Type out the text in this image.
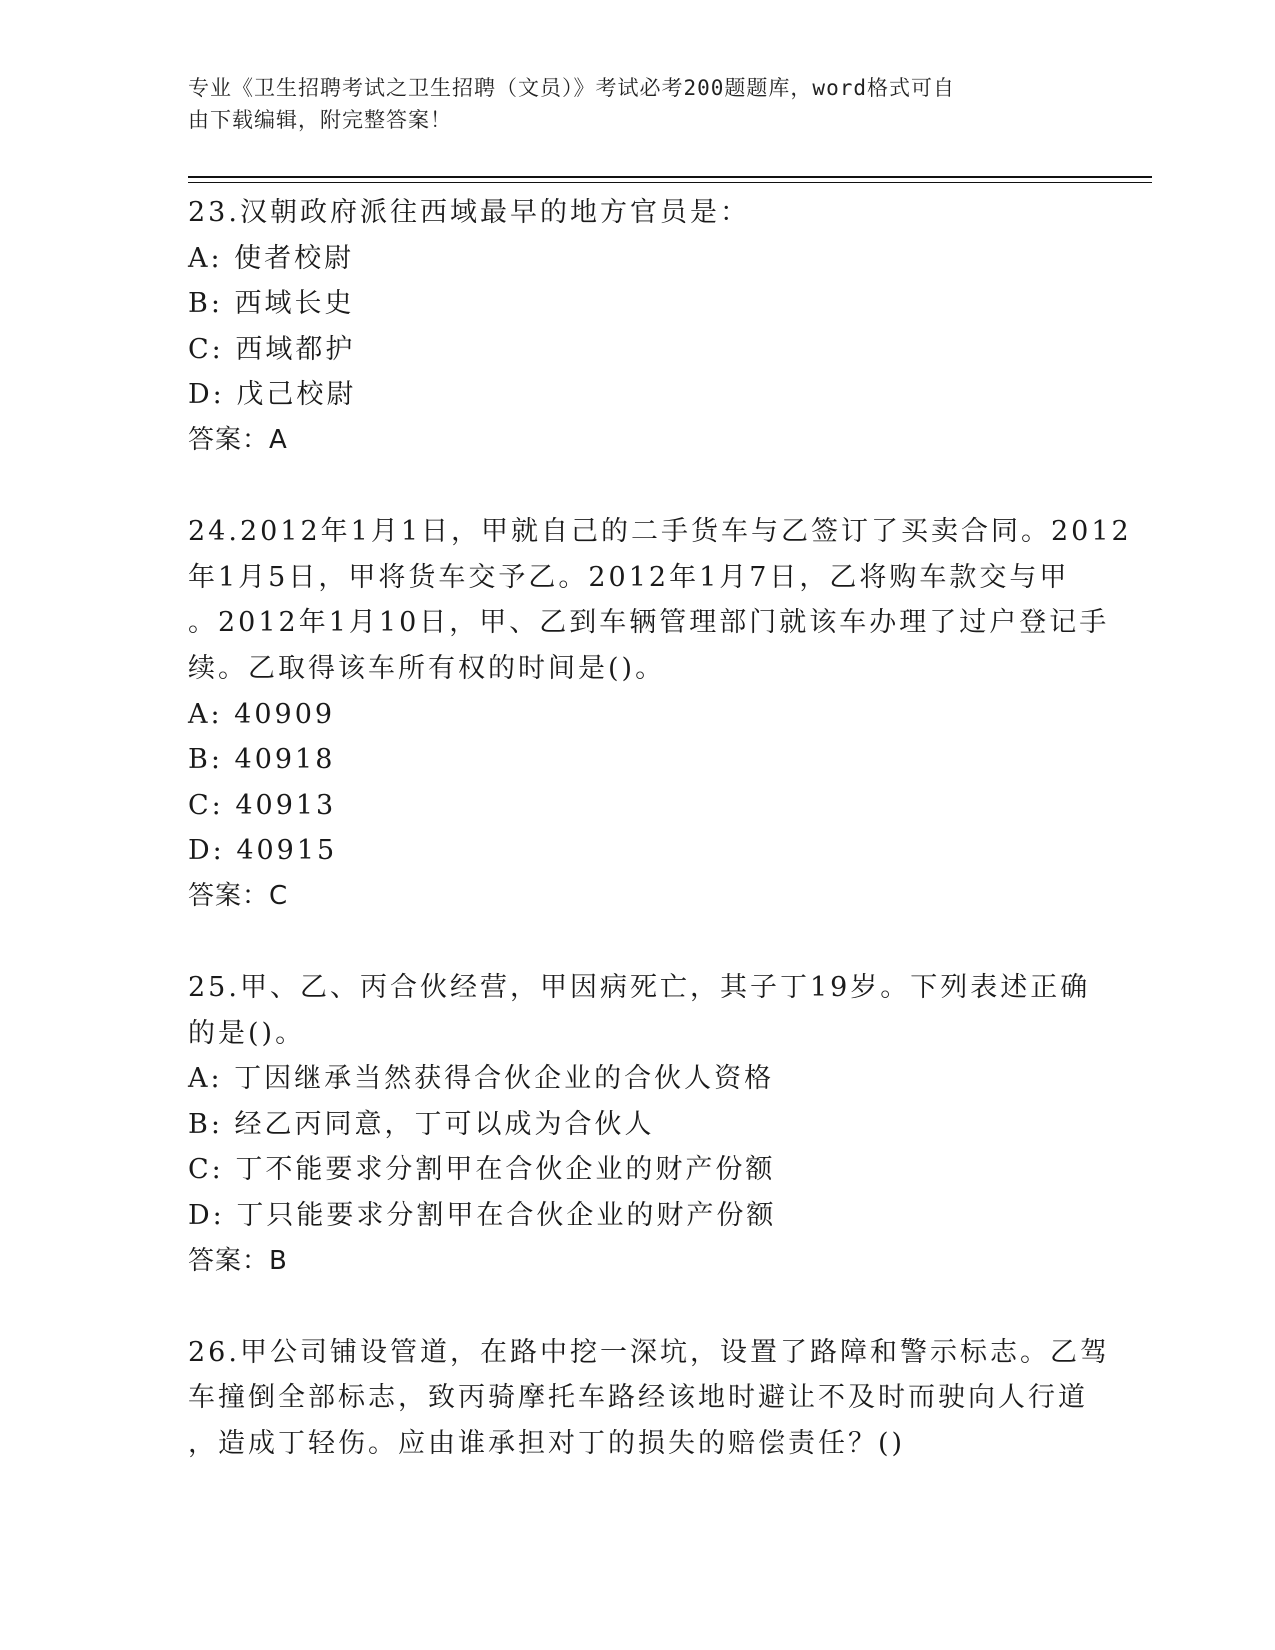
专业《卫生招聘考试之卫生招聘（文员）》考试必考200题题库，word格式可自
由下载编辑，附完整答案！
23.汉朝政府派往西域最早的地方官员是：
A: 使者校尉
B: 西域长史
C: 西域都护
D: 戊己校尉
答案：A
24.2012年1月1日，甲就自己的二手货车与乙签订了买卖合同。2012
年1月5日，甲将货车交予乙。2012年1月7日，乙将购车款交与甲
。2012年1月10日，甲、乙到车辆管理部门就该车办理了过户登记手
续。乙取得该车所有权的时间是()。
A: 40909
B: 40918
C: 40913
D: 40915
答案：C
25.甲、乙、丙合伙经营，甲因病死亡，其子丁19岁。下列表述正确
的是()。
A: 丁因继承当然获得合伙企业的合伙人资格
B: 经乙丙同意，丁可以成为合伙人
C: 丁不能要求分割甲在合伙企业的财产份额
D: 丁只能要求分割甲在合伙企业的财产份额
答案：B
26.甲公司铺设管道，在路中挖一深坑，设置了路障和警示标志。乙驾
车撞倒全部标志，致丙骑摩托车路经该地时避让不及时而驶向人行道
，造成丁轻伤。应由谁承担对丁的损失的赔偿责任？()
